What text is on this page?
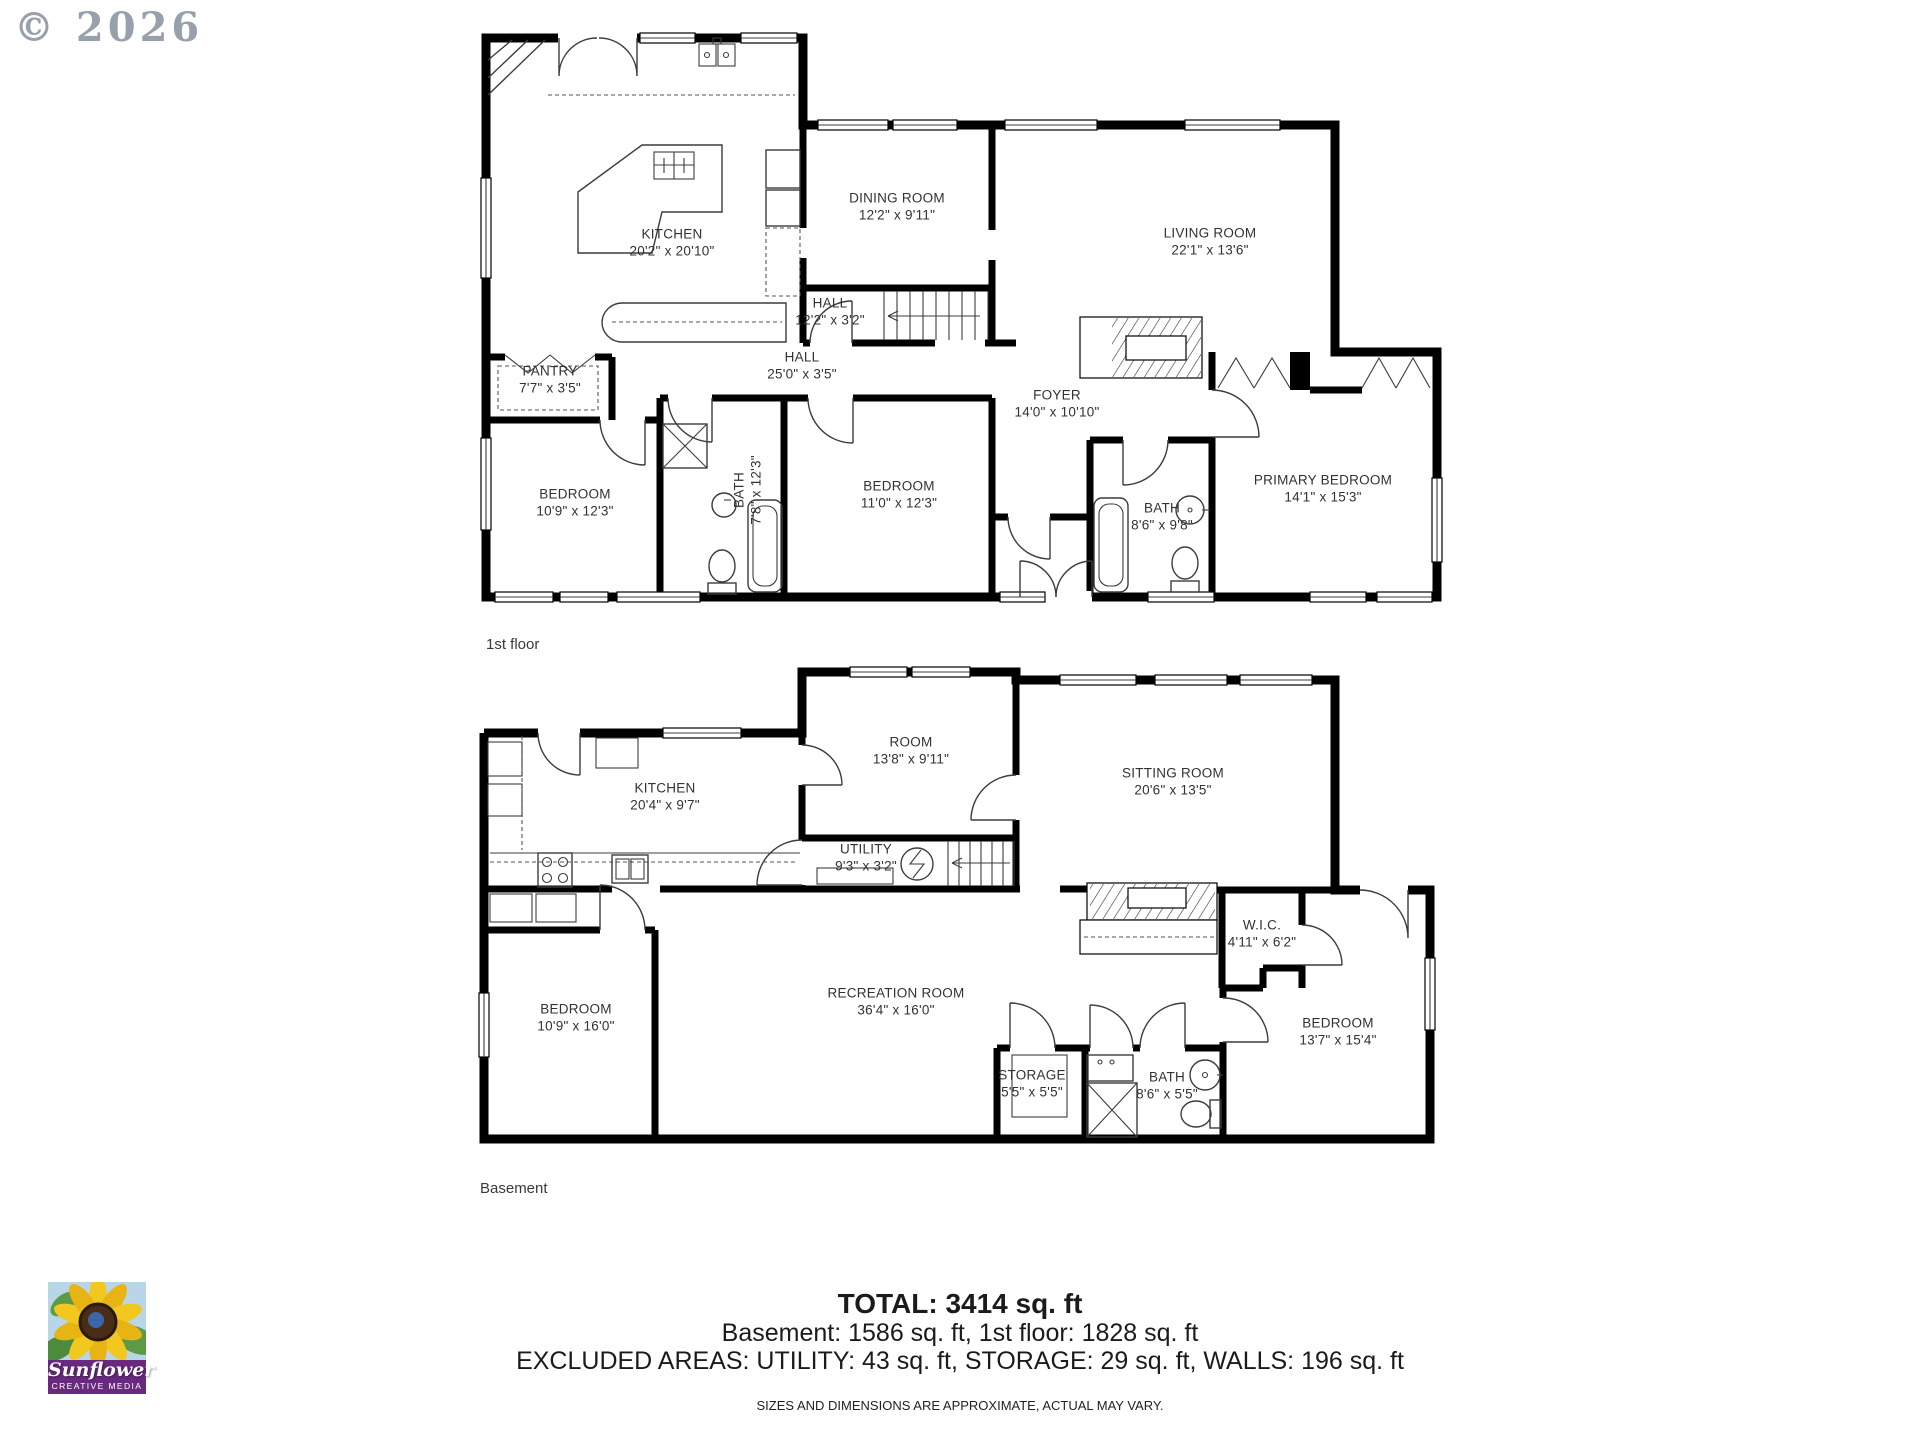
© 2026
KITCHEN
20'2" x 20'10"
DINING ROOM
12'2" x 9'11"
LIVING ROOM
22'1" x 13'6"
HALL
12'2" x 3'2"
HALL
25'0" x 3'5"
PANTRY
7'7" x 3'5"	FOYER
14'0" x 10'10"
BEDROOM
10'9" x 12'3"
BATH 7'8" x 12'3"	BEDROOM
11'0" x 12'3"	BATH
8'6" x 9'8"
PRIMARY BEDROOM
14'1" x 15'3"
KITCHEN
20'4" x 9'7"
ROOM
13'8" x 9'11"
SITTING ROOM
20'6" x 13'5"
UTILITY
9'3" x 3'2"
W.I.C.
4'11" x 6'2"
RECREATION ROOM
36'4" x 16'0"
BEDROOM
10'9" x 16'0"
STORAGE
5'5" x 5'5"
BATH
8'6" x 5'5"
BEDROOM
13'7" x 15'4"
1st floor
Basement
TOTAL: 3414 sq. ft
Basement: 1586 sq. ft, 1st floor: 1828 sq. ft
EXCLUDED AREAS: UTILITY: 43 sq. ft, STORAGE: 29 sq. ft, WALLS: 196 sq. ft
SIZES AND DIMENSIONS ARE APPROXIMATE, ACTUAL MAY VARY.
Sunflower
CREATIVE MEDIA
